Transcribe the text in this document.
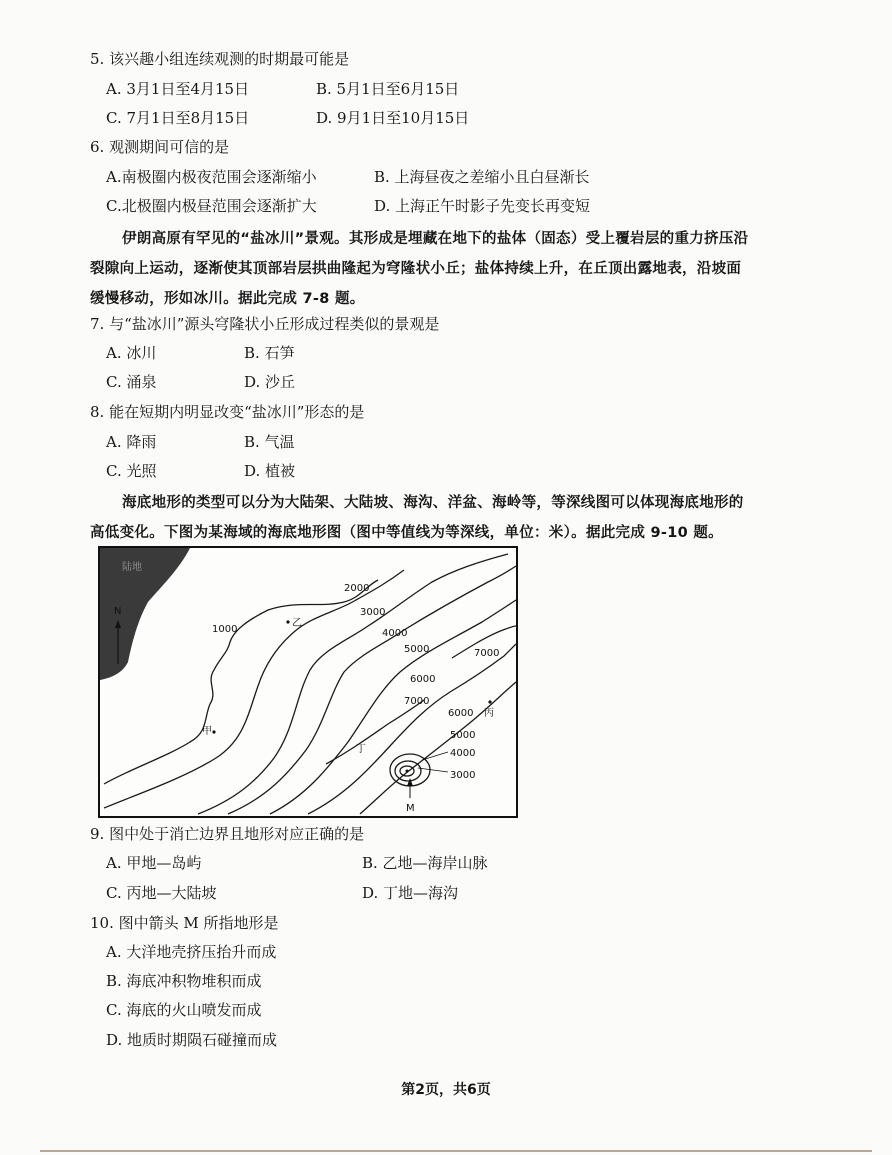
5. 该兴趣小组连续观测的时期最可能是
A. 3月1日至4月15日	B. 5月1日至6月15日
C. 7月1日至8月15日	D. 9月1日至10月15日
6. 观测期间可信的是
A.南极圈内极夜范围会逐渐缩小	B. 上海昼夜之差缩小且白昼渐长
C.北极圈内极昼范围会逐渐扩大	D. 上海正午时影子先变长再变短
伊朗高原有罕见的“盐冰川”景观。其形成是埋藏在地下的盐体（固态）受上覆岩层的重力挤压沿
裂隙向上运动，逐渐使其顶部岩层拱曲隆起为穹隆状小丘；盐体持续上升，在丘顶出露地表，沿坡面
缓慢移动，形如冰川。据此完成 7-8 题。
7. 与“盐冰川”源头穹隆状小丘形成过程类似的景观是
A. 冰川	B. 石笋
C. 涌泉	D. 沙丘
8. 能在短期内明显改变“盐冰川”形态的是
A. 降雨	B. 气温
C. 光照	D. 植被
海底地形的类型可以分为大陆架、大陆坡、海沟、洋盆、海岭等，等深线图可以体现海底地形的
高低变化。下图为某海域的海底地形图（图中等值线为等深线，单位：米）。据此完成 9-10 题。
陆地
N
1000
2000
3000
4000
5000
6000
7000
7000
6000
5000
4000
3000
乙
甲
丙
丁
M
9. 图中处于消亡边界且地形对应正确的是
A. 甲地—岛屿	B. 乙地—海岸山脉
C. 丙地—大陆坡	D. 丁地—海沟
10. 图中箭头 M 所指地形是
A. 大洋地壳挤压抬升而成
B. 海底冲积物堆积而成
C. 海底的火山喷发而成
D. 地质时期陨石碰撞而成
第2页，共6页
